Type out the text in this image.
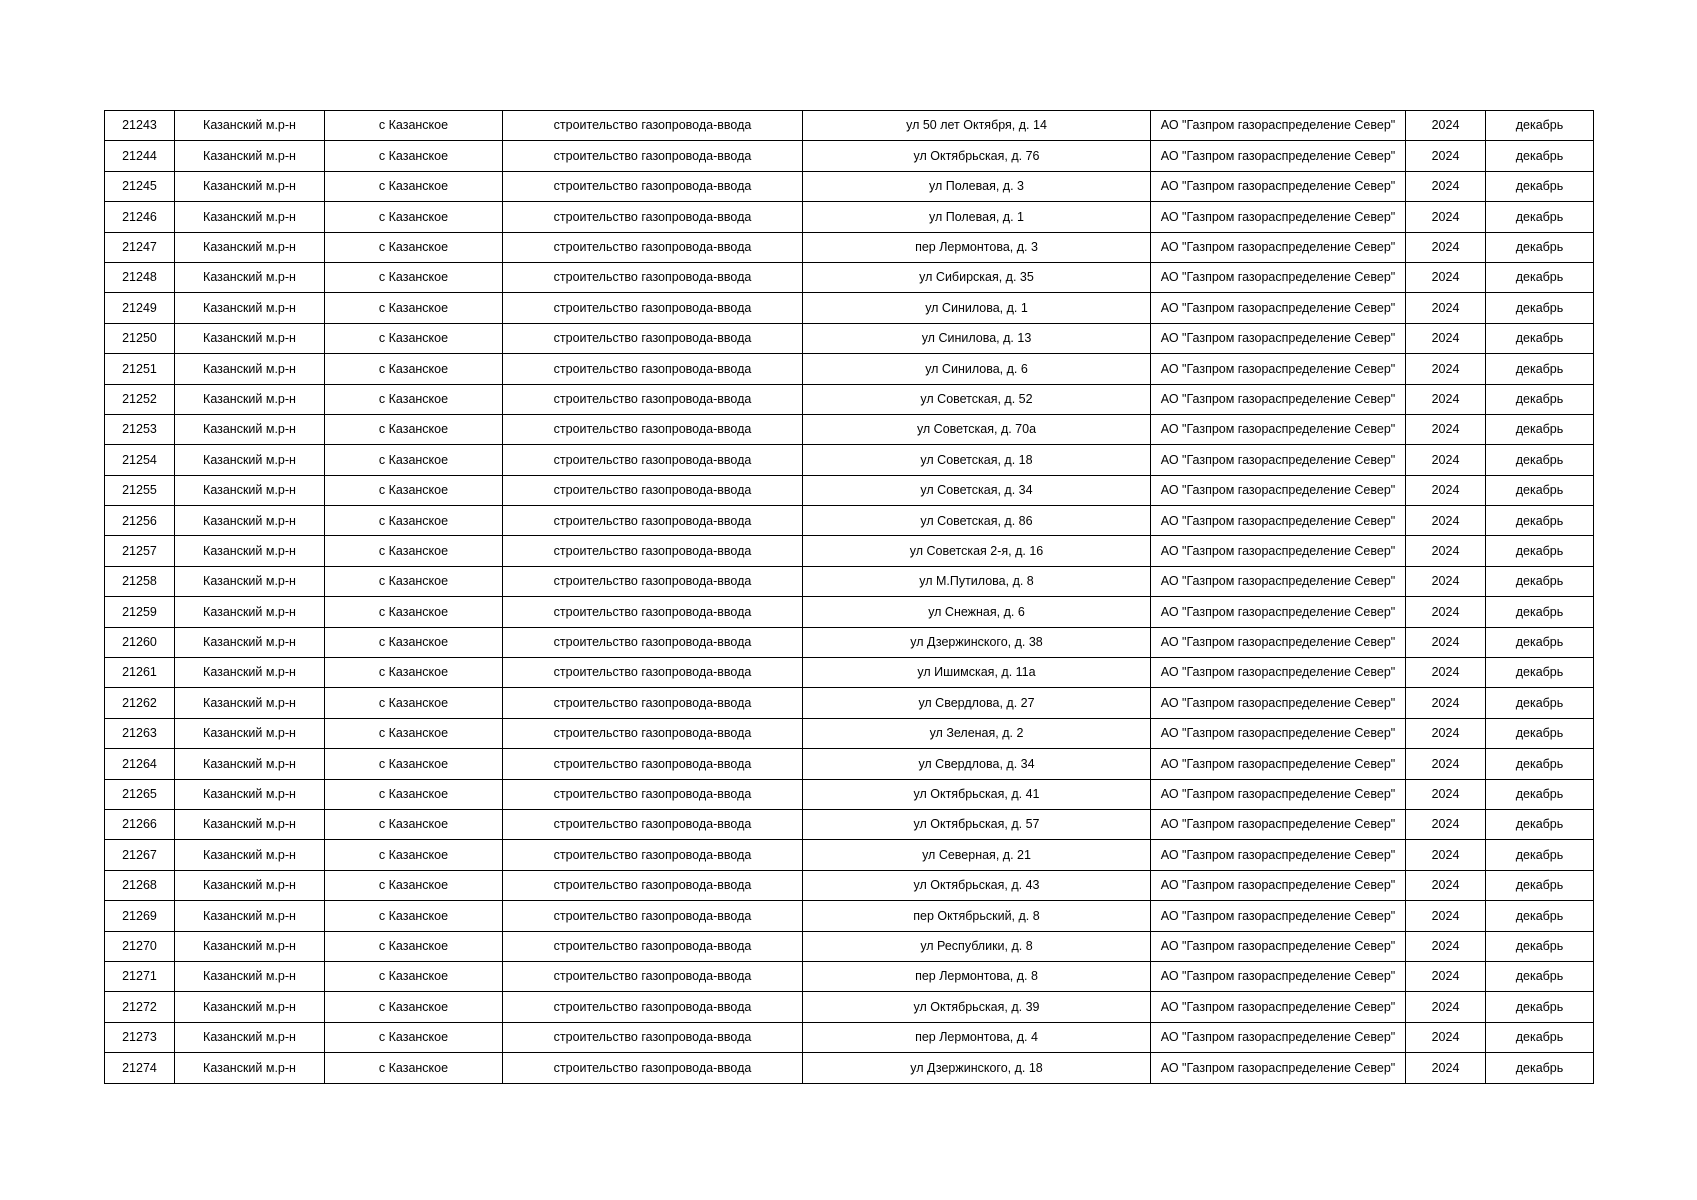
21243	Казанский м.р-н	с Казанское	строительство газопровода-ввода	ул 50 лет Октября, д. 14	АО "Газпром газораспределение Север"	2024	декабрь
21244	Казанский м.р-н	с Казанское	строительство газопровода-ввода	ул Октябрьская, д. 76	АО "Газпром газораспределение Север"	2024	декабрь
21245	Казанский м.р-н	с Казанское	строительство газопровода-ввода	ул Полевая, д. 3	АО "Газпром газораспределение Север"	2024	декабрь
21246	Казанский м.р-н	с Казанское	строительство газопровода-ввода	ул Полевая, д. 1	АО "Газпром газораспределение Север"	2024	декабрь
21247	Казанский м.р-н	с Казанское	строительство газопровода-ввода	пер Лермонтова, д. 3	АО "Газпром газораспределение Север"	2024	декабрь
21248	Казанский м.р-н	с Казанское	строительство газопровода-ввода	ул Сибирская, д. 35	АО "Газпром газораспределение Север"	2024	декабрь
21249	Казанский м.р-н	с Казанское	строительство газопровода-ввода	ул Синилова, д. 1	АО "Газпром газораспределение Север"	2024	декабрь
21250	Казанский м.р-н	с Казанское	строительство газопровода-ввода	ул Синилова, д. 13	АО "Газпром газораспределение Север"	2024	декабрь
21251	Казанский м.р-н	с Казанское	строительство газопровода-ввода	ул Синилова, д. 6	АО "Газпром газораспределение Север"	2024	декабрь
21252	Казанский м.р-н	с Казанское	строительство газопровода-ввода	ул Советская, д. 52	АО "Газпром газораспределение Север"	2024	декабрь
21253	Казанский м.р-н	с Казанское	строительство газопровода-ввода	ул Советская, д. 70а	АО "Газпром газораспределение Север"	2024	декабрь
21254	Казанский м.р-н	с Казанское	строительство газопровода-ввода	ул Советская, д. 18	АО "Газпром газораспределение Север"	2024	декабрь
21255	Казанский м.р-н	с Казанское	строительство газопровода-ввода	ул Советская, д. 34	АО "Газпром газораспределение Север"	2024	декабрь
21256	Казанский м.р-н	с Казанское	строительство газопровода-ввода	ул Советская, д. 86	АО "Газпром газораспределение Север"	2024	декабрь
21257	Казанский м.р-н	с Казанское	строительство газопровода-ввода	ул Советская 2-я, д. 16	АО "Газпром газораспределение Север"	2024	декабрь
21258	Казанский м.р-н	с Казанское	строительство газопровода-ввода	ул М.Путилова, д. 8	АО "Газпром газораспределение Север"	2024	декабрь
21259	Казанский м.р-н	с Казанское	строительство газопровода-ввода	ул Снежная, д. 6	АО "Газпром газораспределение Север"	2024	декабрь
21260	Казанский м.р-н	с Казанское	строительство газопровода-ввода	ул Дзержинского, д. 38	АО "Газпром газораспределение Север"	2024	декабрь
21261	Казанский м.р-н	с Казанское	строительство газопровода-ввода	ул Ишимская, д. 11а	АО "Газпром газораспределение Север"	2024	декабрь
21262	Казанский м.р-н	с Казанское	строительство газопровода-ввода	ул Свердлова, д. 27	АО "Газпром газораспределение Север"	2024	декабрь
21263	Казанский м.р-н	с Казанское	строительство газопровода-ввода	ул Зеленая, д. 2	АО "Газпром газораспределение Север"	2024	декабрь
21264	Казанский м.р-н	с Казанское	строительство газопровода-ввода	ул Свердлова, д. 34	АО "Газпром газораспределение Север"	2024	декабрь
21265	Казанский м.р-н	с Казанское	строительство газопровода-ввода	ул Октябрьская, д. 41	АО "Газпром газораспределение Север"	2024	декабрь
21266	Казанский м.р-н	с Казанское	строительство газопровода-ввода	ул Октябрьская, д. 57	АО "Газпром газораспределение Север"	2024	декабрь
21267	Казанский м.р-н	с Казанское	строительство газопровода-ввода	ул Северная, д. 21	АО "Газпром газораспределение Север"	2024	декабрь
21268	Казанский м.р-н	с Казанское	строительство газопровода-ввода	ул Октябрьская, д. 43	АО "Газпром газораспределение Север"	2024	декабрь
21269	Казанский м.р-н	с Казанское	строительство газопровода-ввода	пер Октябрьский, д. 8	АО "Газпром газораспределение Север"	2024	декабрь
21270	Казанский м.р-н	с Казанское	строительство газопровода-ввода	ул Республики, д. 8	АО "Газпром газораспределение Север"	2024	декабрь
21271	Казанский м.р-н	с Казанское	строительство газопровода-ввода	пер Лермонтова, д. 8	АО "Газпром газораспределение Север"	2024	декабрь
21272	Казанский м.р-н	с Казанское	строительство газопровода-ввода	ул Октябрьская, д. 39	АО "Газпром газораспределение Север"	2024	декабрь
21273	Казанский м.р-н	с Казанское	строительство газопровода-ввода	пер Лермонтова, д. 4	АО "Газпром газораспределение Север"	2024	декабрь
21274	Казанский м.р-н	с Казанское	строительство газопровода-ввода	ул Дзержинского, д. 18	АО "Газпром газораспределение Север"	2024	декабрь
